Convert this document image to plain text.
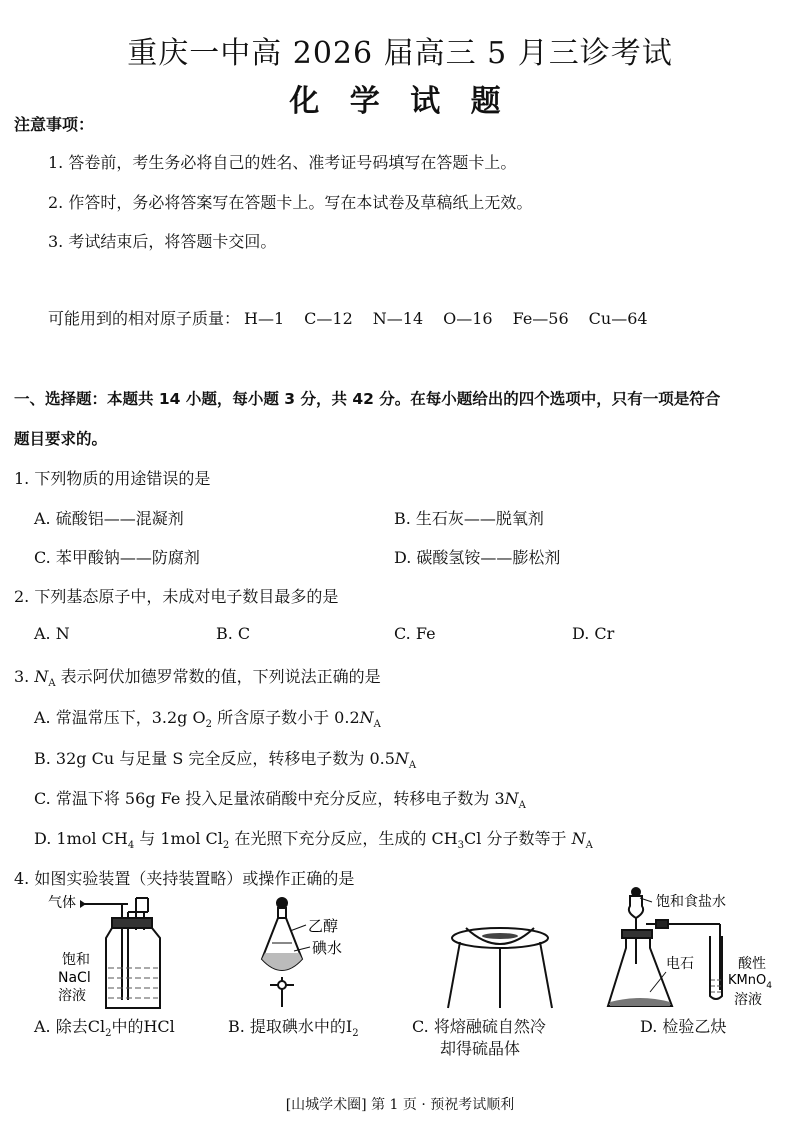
重庆一中高 2026 届高三 5 月三诊考试
化 学 试 题
注意事项：
1. 答卷前，考生务必将自己的姓名、准考证号码填写在答题卡上。
2. 作答时，务必将答案写在答题卡上。写在本试卷及草稿纸上无效。
3. 考试结束后，将答题卡交回。
可能用到的相对原子质量： H—1 C—12 N—14 O—16 Fe—56 Cu—64
一、选择题：本题共 14 小题，每小题 3 分，共 42 分。在每小题给出的四个选项中，只有一项是符合
题目要求的。
1. 下列物质的用途错误的是
A. 硫酸铝——混凝剂	B. 生石灰——脱氧剂
C. 苯甲酸钠——防腐剂	D. 碳酸氢铵——膨松剂
2. 下列基态原子中，未成对电子数目最多的是
A. N	B. C	C. Fe	D. Cr
3. $N_A$ 表示阿伏加德罗常数的值，下列说法正确的是
A. 常温常压下，3.2g $O_2$ 所含原子数小于 $0.2N_A$
B. 32g Cu 与足量 S 完全反应，转移电子数为 $0.5N_A$
C. 常温下将 56g Fe 投入足量浓硝酸中充分反应，转移电子数为 $3N_A$
D. 1mol $CH_4$ 与 1mol $Cl_2$ 在光照下充分反应，生成的 $CH_3Cl$ 分子数等于 $N_A$
4. 如图实验装置（夹持装置略）或操作正确的是
气体
饱和
NaCl
溶液
A. 除去$Cl_2$中的HCl
乙醇
碘水
B. 提取碘水中的$I_2$	C. 将熔融硫自然冷
却得硫晶体
饱和食盐水
电石	酸性
KMnO$_4$
溶液
D. 检验乙炔
[山城学术圈] 第 1 页 · 预祝考试顺利
